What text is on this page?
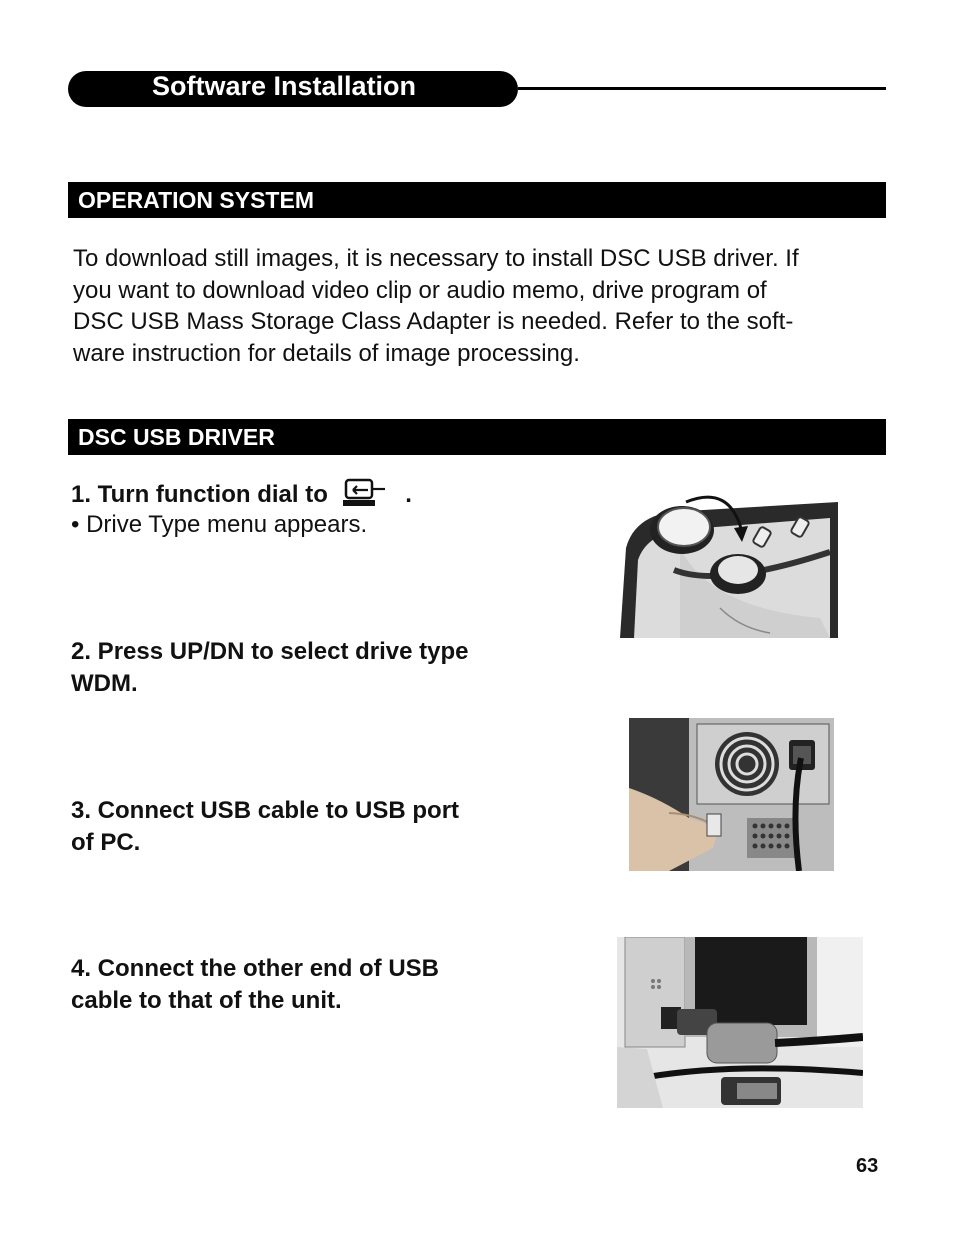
Software Installation
OPERATION SYSTEM
To download still images, it is necessary to install DSC USB driver. If
you want to download video clip or audio memo, drive program of
DSC USB Mass Storage Class Adapter is needed. Refer to the soft-
ware instruction for details of image processing.
DSC USB DRIVER
1. Turn function dial to	.
• Drive Type menu appears.
2. Press UP/DN to select drive type
WDM.
3. Connect USB cable to USB port
of PC.
4. Connect the other end of USB
cable to that of the unit.
63
